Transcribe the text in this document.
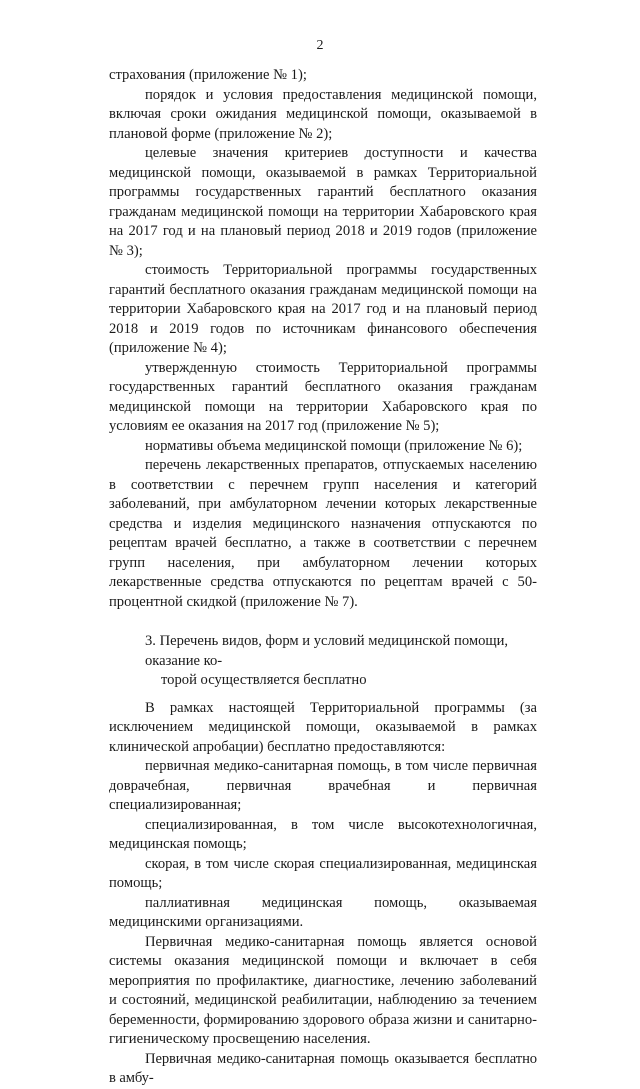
2

страхования (приложение № 1);

порядок и условия предоставления медицинской помощи, включая сроки ожидания медицинской помощи, оказываемой в плановой форме (приложение № 2);

целевые значения критериев доступности и качества медицинской помощи, оказываемой в рамках Территориальной программы государственных гарантий бесплатного оказания гражданам медицинской помощи на территории Хабаровского края на 2017 год и на плановый период 2018 и 2019 годов (приложение № 3);

стоимость Территориальной программы государственных гарантий бесплатного оказания гражданам медицинской помощи на территории Хабаровского края на 2017 год и на плановый период 2018 и 2019 годов по источникам финансового обеспечения (приложение № 4);

утвержденную стоимость Территориальной программы государственных гарантий бесплатного оказания гражданам медицинской помощи на территории Хабаровского края по условиям ее оказания на 2017 год (приложение № 5);

нормативы объема медицинской помощи (приложение № 6);

перечень лекарственных препаратов, отпускаемых населению в соответствии с перечнем групп населения и категорий заболеваний, при амбулаторном лечении которых лекарственные средства и изделия медицинского назначения отпускаются по рецептам врачей бесплатно, а также в соответствии с перечнем групп населения, при амбулаторном лечении которых лекарственные средства отпускаются по рецептам врачей с 50-процентной скидкой (приложение № 7).

3. Перечень видов, форм и условий медицинской помощи, оказание ко-
торой осуществляется бесплатно

В рамках настоящей Территориальной программы (за исключением медицинской помощи, оказываемой в рамках клинической апробации) бесплатно предоставляются:

первичная медико-санитарная помощь, в том числе первичная доврачебная, первичная врачебная и первичная специализированная;

специализированная, в том числе высокотехнологичная, медицинская помощь;

скорая, в том числе скорая специализированная, медицинская помощь;

паллиативная медицинская помощь, оказываемая медицинскими организациями.

Первичная медико-санитарная помощь является основой системы оказания медицинской помощи и включает в себя мероприятия по профилактике, диагностике, лечению заболеваний и состояний, медицинской реабилитации, наблюдению за течением беременности, формированию здорового образа жизни и санитарно-гигиеническому просвещению населения.

Первичная медико-санитарная помощь оказывается бесплатно в амбу-
